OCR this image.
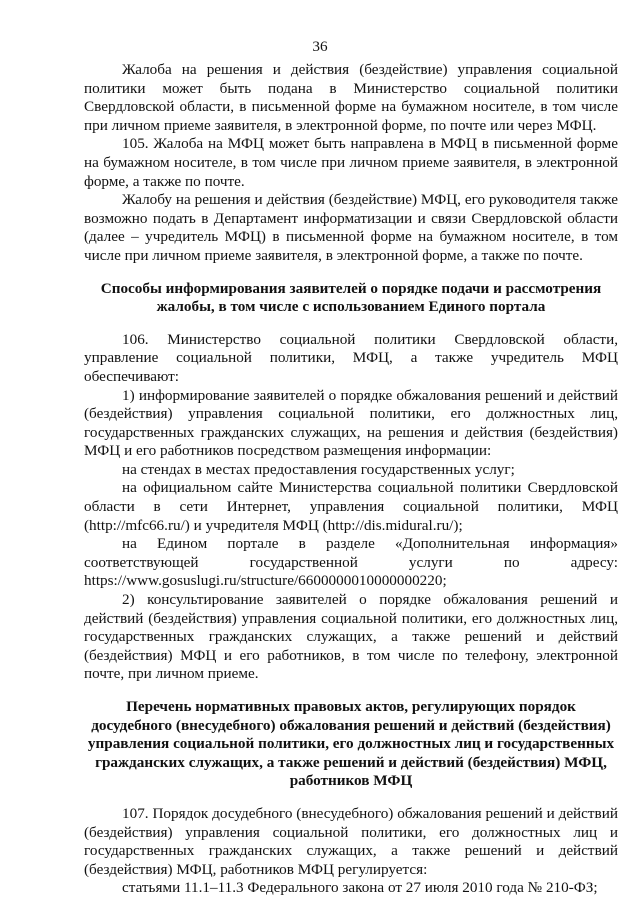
36

Жалоба на решения и действия (бездействие) управления социальной политики может быть подана в Министерство социальной политики Свердловской области, в письменной форме на бумажном носителе, в том числе при личном приеме заявителя, в электронной форме, по почте или через МФЦ.

105. Жалоба на МФЦ может быть направлена в МФЦ в письменной форме на бумажном носителе, в том числе при личном приеме заявителя, в электронной форме, а также по почте.

Жалобу на решения и действия (бездействие) МФЦ, его руководителя также возможно подать в Департамент информатизации и связи Свердловской области (далее – учредитель МФЦ) в письменной форме на бумажном носителе, в том числе при личном приеме заявителя, в электронной форме, а также по почте.

Способы информирования заявителей о порядке подачи и рассмотрения жалобы, в том числе с использованием Единого портала

106. Министерство социальной политики Свердловской области, управление социальной политики, МФЦ, а также учредитель МФЦ обеспечивают:

1) информирование заявителей о порядке обжалования решений и действий (бездействия) управления социальной политики, его должностных лиц, государственных гражданских служащих, на решения и действия (бездействия) МФЦ и его работников посредством размещения информации:

на стендах в местах предоставления государственных услуг;

на официальном сайте Министерства социальной политики Свердловской области в сети Интернет, управления социальной политики, МФЦ (http://mfc66.ru/) и учредителя МФЦ (http://dis.midural.ru/);

на Едином портале в разделе «Дополнительная информация»
соответствующей	государственной	услуги	по	адресу:

https://www.gosuslugi.ru/structure/6600000010000000220;

2) консультирование заявителей о порядке обжалования решений и действий (бездействия) управления социальной политики, его должностных лиц, государственных гражданских служащих, а также решений и действий (бездействия) МФЦ и его работников, в том числе по телефону, электронной почте, при личном приеме.

Перечень нормативных правовых актов, регулирующих порядок досудебного (внесудебного) обжалования решений и действий (бездействия) управления социальной политики, его должностных лиц и государственных гражданских служащих, а также решений и действий (бездействия) МФЦ, работников МФЦ

107. Порядок досудебного (внесудебного) обжалования решений и действий (бездействия) управления социальной политики, его должностных лиц и государственных гражданских служащих, а также решений и действий (бездействия) МФЦ, работников МФЦ регулируется:

статьями 11.1–11.3 Федерального закона от 27 июля 2010 года № 210-ФЗ;
